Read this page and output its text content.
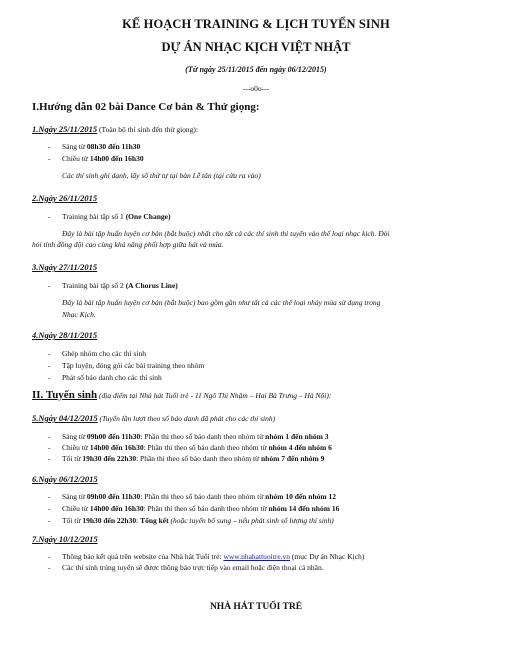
KẾ HOẠCH TRAINING & LỊCH TUYỂN SINH
DỰ ÁN NHẠC KỊCH VIỆT NHẬT
(Từ ngày 25/11/2015 đến ngày 06/12/2015)
---o0o---
I.Hướng dẫn 02 bài Dance Cơ bản & Thử giọng:
1.Ngày 25/11/2015 (Toàn bộ thí sinh đến thử giọng):
- Sáng từ 08h30 đến 11h30
- Chiều từ 14h00 đến 16h30
Các thí sinh ghi danh, lấy số thứ tự tại bàn Lễ tân (tại cửa ra vào)
2.Ngày 26/11/2015
- Training bài tập số 1 (One Change)
Đây là bài tập huấn luyện cơ bản (bắt buộc) nhất cho tất cả các thí sinh thi tuyển vào thể loại nhạc kịch. Đòi
hỏi tính đồng đội cao cùng khả năng phối hợp giữa hát và múa.
3.Ngày 27/11/2015
- Training bài tập số 2 (A Chorus Line)
Đây là bài tập huấn luyện cơ bản (bắt buộc) bao gồm gần như tất cả các thể loại nhảy múa sử dụng trong
Nhạc Kịch.
4.Ngày 28/11/2015
- Ghép nhóm cho các thí sinh
- Tập luyện, đóng gói các bài training theo nhóm
- Phát số báo danh cho các thí sinh
II. Tuyển sinh (địa điểm tại Nhà hát Tuổi trẻ - 11 Ngô Thì Nhậm – Hai Bà Trưng – Hà Nội):
5.Ngày 04/12/2015 (Tuyển lần lượt theo số báo danh đã phát cho các thí sinh)
- Sáng từ 09h00 đến 11h30: Phần thi theo số báo danh theo nhóm từ nhóm 1 đến nhóm 3
- Chiều từ 14h00 đến 16h30: Phần thi theo số báo danh theo nhóm từ nhóm 4 đến nhóm 6
- Tối từ 19h30 đến 22h30: Phần thi theo số báo danh theo nhóm từ nhóm 7 đến nhóm 9
6.Ngày 06/12/2015
- Sáng từ 09h00 đến 11h30: Phần thi theo số báo danh theo nhóm từ nhóm 10 đến nhóm 12
- Chiều từ 14h00 đến 16h30: Phần thi theo số báo danh theo nhóm từ nhóm 14 đến nhóm 16
- Tối từ 19h30 đến 22h30: Tổng kết (hoặc tuyển bổ sung – nếu phát sinh số lượng thí sinh)
7.Ngày 10/12/2015
- Thông báo kết quả trên website của Nhà hát Tuổi trẻ: www.nhahattuoitre.vn (mục Dự án Nhạc Kịch)
- Các thí sinh trúng tuyển sẽ được thông báo trực tiếp vào email hoặc điện thoại cá nhân.
NHÀ HÁT TUỔI TRẺ
